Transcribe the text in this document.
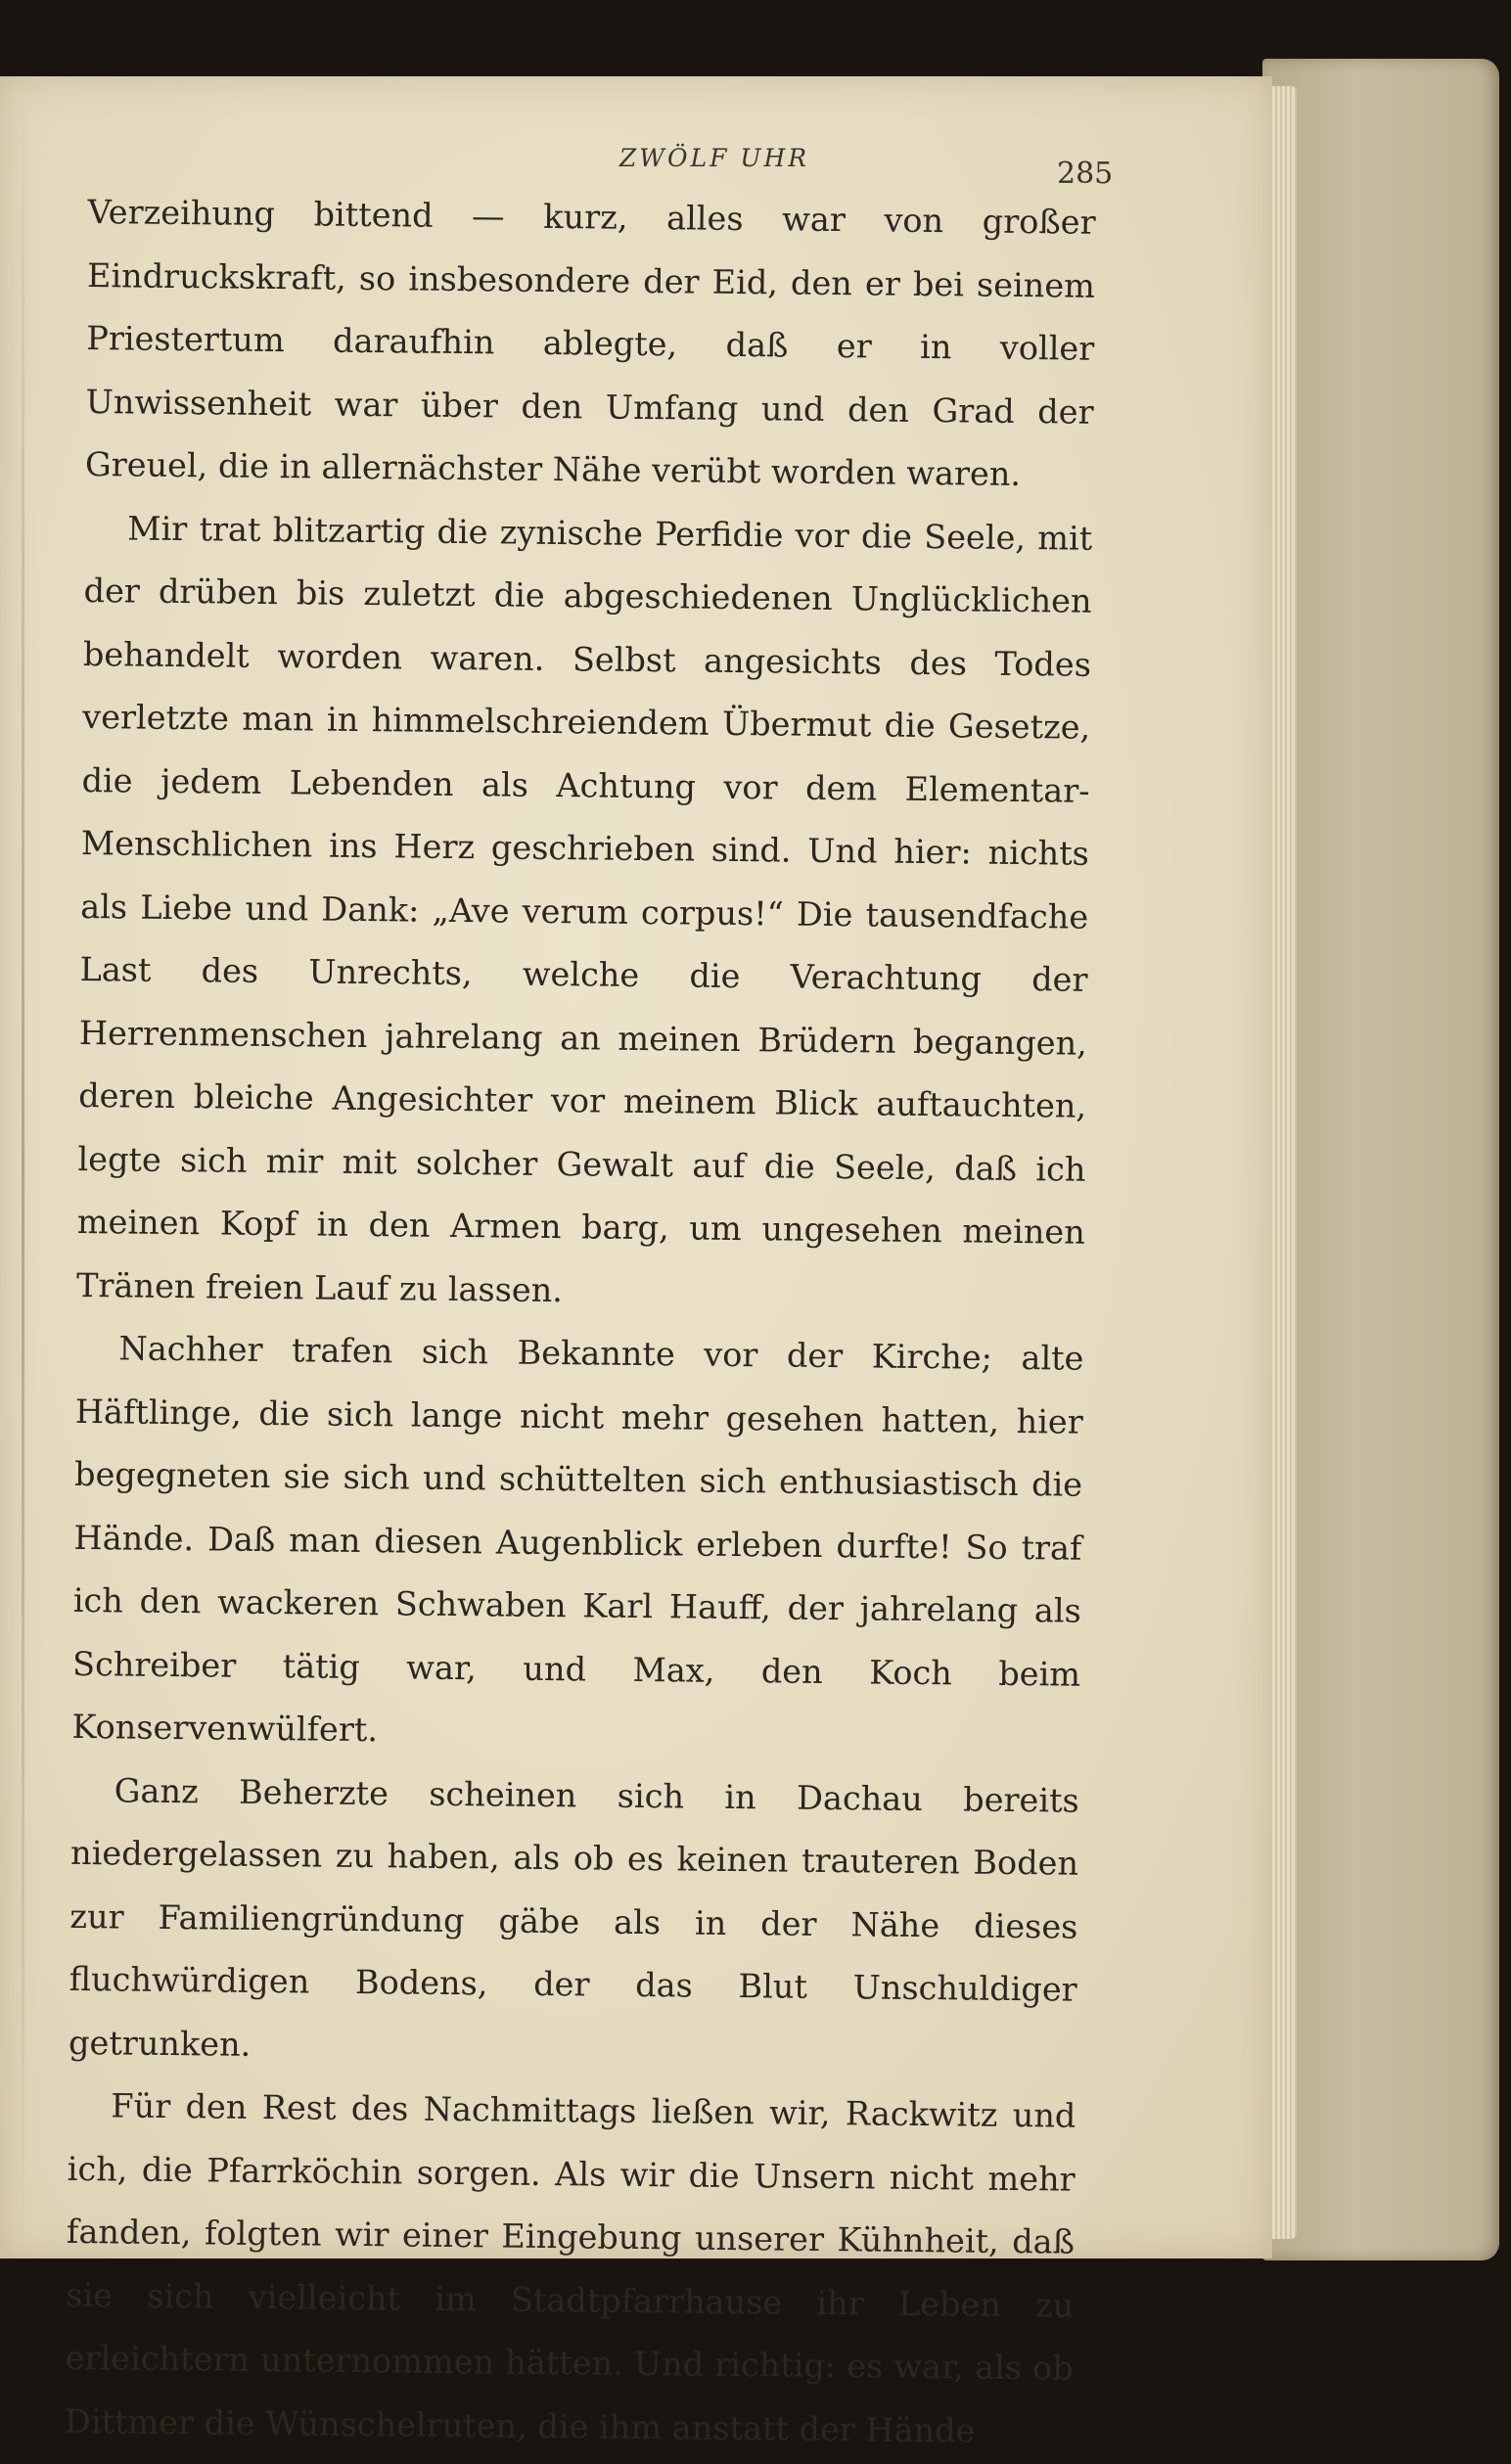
ZWÖLF UHR	285

Verzeihung bittend — kurz, alles war von großer Eindruckskraft, so insbesondere der Eid, den er bei seinem Priestertum daraufhin ablegte, daß er in voller Unwissenheit war über den Umfang und den Grad der Greuel, die in allernächster Nähe verübt worden waren.

Mir trat blitzartig die zynische Perfidie vor die Seele, mit der drüben bis zuletzt die abgeschiedenen Unglücklichen behandelt worden waren. Selbst angesichts des Todes verletzte man in himmelschreiendem Übermut die Gesetze, die jedem Lebenden als Achtung vor dem Elementar-Menschlichen ins Herz geschrieben sind. Und hier: nichts als Liebe und Dank: „Ave verum corpus!“ Die tausendfache Last des Unrechts, welche die Verachtung der Herrenmenschen jahrelang an meinen Brüdern begangen, deren bleiche Angesichter vor meinem Blick auftauchten, legte sich mir mit solcher Gewalt auf die Seele, daß ich meinen Kopf in den Armen barg, um ungesehen meinen Tränen freien Lauf zu lassen.

Nachher trafen sich Bekannte vor der Kirche; alte Häftlinge, die sich lange nicht mehr gesehen hatten, hier begegneten sie sich und schüttelten sich enthusiastisch die Hände. Daß man diesen Augenblick erleben durfte! So traf ich den wackeren Schwaben Karl Hauff, der jahrelang als Schreiber tätig war, und Max, den Koch beim Konservenwülfert.

Ganz Beherzte scheinen sich in Dachau bereits niedergelassen zu haben, als ob es keinen trauteren Boden zur Familiengründung gäbe als in der Nähe dieses fluchwürdigen Bodens, der das Blut Unschuldiger getrunken.

Für den Rest des Nachmittags ließen wir, Rackwitz und ich, die Pfarrköchin sorgen. Als wir die Unsern nicht mehr fanden, folgten wir einer Eingebung unserer Kühnheit, daß sie sich vielleicht im Stadtpfarrhause ihr Leben zu erleichtern unternommen hätten. Und richtig: es war, als ob Dittmer die Wünschelruten, die ihm anstatt der Hände
